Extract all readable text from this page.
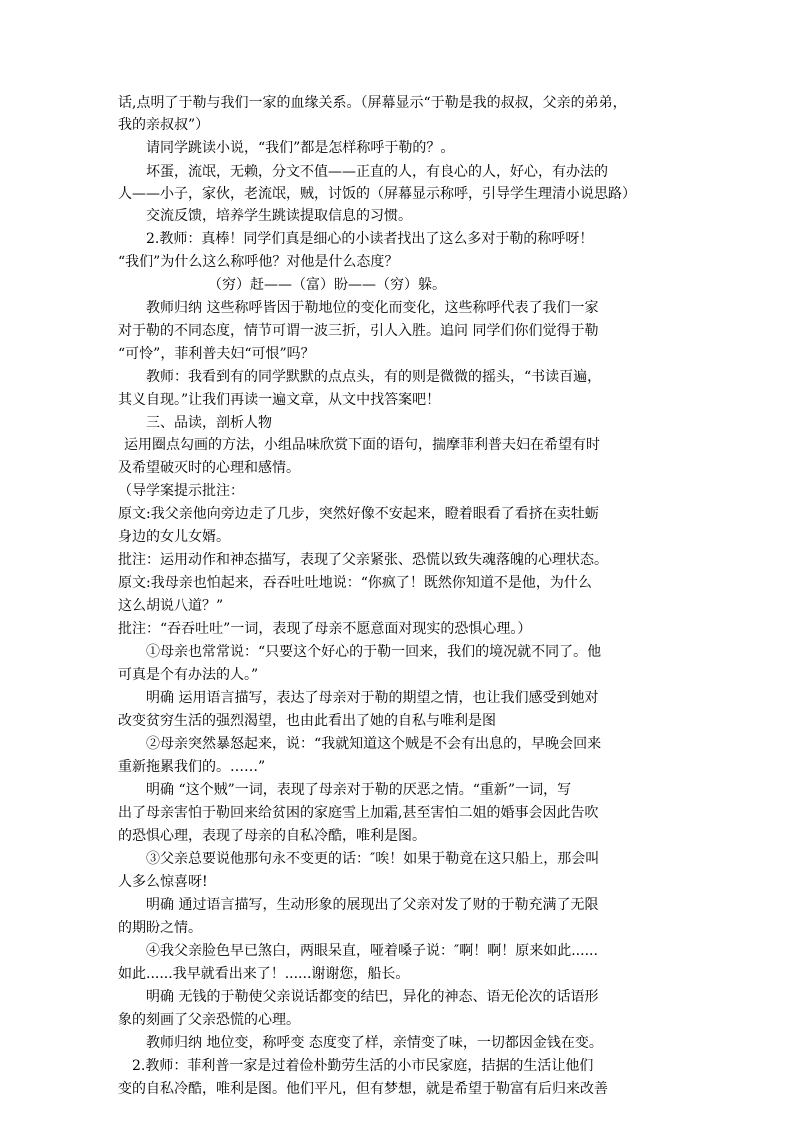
话,点明了于勒与我们一家的血缘关系。（屏幕显示“于勒是我的叔叔，父亲的弟弟，
我的亲叔叔”）
请同学跳读小说，“我们”都是怎样称呼于勒的？。
坏蛋，流氓，无赖，分文不值——正直的人，有良心的人，好心，有办法的
人——小子，家伙，老流氓，贼，讨饭的（屏幕显示称呼，引导学生理清小说思路）
交流反馈，培养学生跳读提取信息的习惯。
2.教师：真棒！同学们真是细心的小读者找出了这么多对于勒的称呼呀！
“我们”为什么这么称呼他？对他是什么态度？
（穷）赶——（富）盼——（穷）躲。
教师归纳 这些称呼皆因于勒地位的变化而变化，这些称呼代表了我们一家
对于勒的不同态度，情节可谓一波三折，引人入胜。追问 同学们你们觉得于勒
“可怜”，菲利普夫妇“可恨”吗？
教师：我看到有的同学默默的点点头，有的则是微微的摇头，“书读百遍，
其义自现。”让我们再读一遍文章，从文中找答案吧！
三、品读，剖析人物
运用圈点勾画的方法，小组品味欣赏下面的语句，揣摩菲利普夫妇在希望有时
及希望破灭时的心理和感情。
（导学案提示批注：
原文:我父亲他向旁边走了几步，突然好像不安起来，瞪着眼看了看挤在卖牡蛎
身边的女儿女婿。
批注：运用动作和神态描写，表现了父亲紧张、恐慌以致失魂落魄的心理状态。
原文:我母亲也怕起来，吞吞吐吐地说：“你疯了！既然你知道不是他，为什么
这么胡说八道？”
批注：“吞吞吐吐”一词，表现了母亲不愿意面对现实的恐惧心理。）
①母亲也常常说：“只要这个好心的于勒一回来，我们的境况就不同了。他
可真是个有办法的人。”
明确 运用语言描写，表达了母亲对于勒的期望之情，也让我们感受到她对
改变贫穷生活的强烈渴望，也由此看出了她的自私与唯利是图
②母亲突然暴怒起来，说：“我就知道这个贼是不会有出息的，早晚会回来
重新拖累我们的。……”
明确 “这个贼”一词，表现了母亲对于勒的厌恶之情。“重新”一词，写
出了母亲害怕于勒回来给贫困的家庭雪上加霜,甚至害怕二姐的婚事会因此告吹
的恐惧心理，表现了母亲的自私冷酷，唯利是图。
③父亲总要说他那句永不变更的话：″唉！如果于勒竟在这只船上，那会叫
人多么惊喜呀!
明确 通过语言描写，生动形象的展现出了父亲对发了财的于勒充满了无限
的期盼之情。
④我父亲脸色早已煞白，两眼呆直，哑着嗓子说：″啊！啊！原来如此......
如此......我早就看出来了！......谢谢您，船长。
明确 无钱的于勒使父亲说话都变的结巴，异化的神态、语无伦次的话语形
象的刻画了父亲恐慌的心理。
教师归纳 地位变，称呼变 态度变了样，亲情变了味，一切都因金钱在变。
2.教师：菲利普一家是过着俭朴勤劳生活的小市民家庭，拮据的生活让他们
变的自私冷酷，唯利是图。他们平凡，但有梦想，就是希望于勒富有后归来改善
